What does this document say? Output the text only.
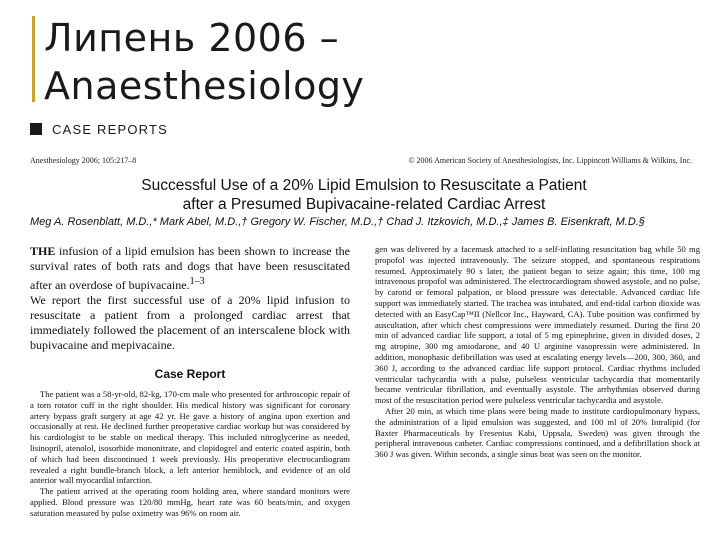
Липень 2006 –
Anaesthesiology
CASE REPORTS
Anesthesiology 2006; 105:217–8	© 2006 American Society of Anesthesiologists, Inc. Lippincott Williams & Wilkins, Inc.
Successful Use of a 20% Lipid Emulsion to Resuscitate a Patient
after a Presumed Bupivacaine-related Cardiac Arrest
Meg A. Rosenblatt, M.D.,* Mark Abel, M.D.,† Gregory W. Fischer, M.D.,† Chad J. Itzkovich, M.D.,‡ James B. Eisenkraft, M.D.§

THE infusion of a lipid emulsion has been shown to increase the survival rates of both rats and dogs that have been resuscitated after an overdose of bupivacaine.$^{1-3}$

We report the first successful use of a 20% lipid infusion to resuscitate a patient from a prolonged cardiac arrest that immediately followed the placement of an interscalene block with bupivacaine and mepivacaine.

Case Report

The patient was a 58-yr-old, 82-kg, 170-cm male who presented for arthroscopic repair of a torn rotator cuff in the right shoulder. His medical history was significant for coronary artery bypass graft surgery at age 42 yr. He gave a history of angina upon exertion and occasionally at rest. He declined further preoperative cardiac workup but was considered by his cardiologist to be stable on medical therapy. This included nitroglycerine as needed, lisinopril, atenolol, isosorbide mononitrate, and clopidogrel and enteric coated aspirin, both of which had been discontinued 1 week previously. His preoperative electrocardiogram revealed a right bundle-branch block, a left anterior hemiblock, and evidence of an old anterior wall myocardial infarction.

The patient arrived at the operating room holding area, where standard monitors were applied. Blood pressure was 120/80 mmHg, heart rate was 60 beats/min, and oxygen saturation measured by pulse oximetry was 96% on room air.

gen was delivered by a facemask attached to a self-inflating resuscitation bag while 50 mg propofol was injected intravenously. The seizure stopped, and spontaneous respirations resumed. Approximately 90 s later, the patient began to seize again; this time, 100 mg intravenous propofol was administered. The electrocardiogram showed asystole, and no pulse, by carotid or femoral palpation, or blood pressure was detectable. Advanced cardiac life support was immediately started. The trachea was intubated, and end-tidal carbon dioxide was detected with an EasyCap™II (Nellcor Inc., Hayward, CA). Tube position was confirmed by auscultation, after which chest compressions were immediately resumed. During the first 20 min of advanced cardiac life support, a total of 5 mg epinephrine, given in divided doses, 2 mg atropine, 300 mg amiodarone, and 40 U arginine vasopressin were administered. In addition, monophasic defibrillation was used at escalating energy levels—200, 300, 360, and 360 J, according to the advanced cardiac life support protocol. Cardiac rhythms included ventricular tachycardia with a pulse, pulseless ventricular tachycardia that momentarily became ventricular fibrillation, and eventually asystole. The arrhythmias observed during most of the resuscitation period were pulseless ventricular tachycardia and asystole.

After 20 min, at which time plans were being made to institute cardiopulmonary bypass, the administration of a lipid emulsion was suggested, and 100 ml of 20% Intralipid (for Baxter Pharmaceuticals by Fresenius Kabi, Uppsala, Sweden) was given through the peripheral intravenous catheter. Cardiac compressions continued, and a defibrillation shock at 360 J was given. Within seconds, a single sinus beat was seen on the monitor.
